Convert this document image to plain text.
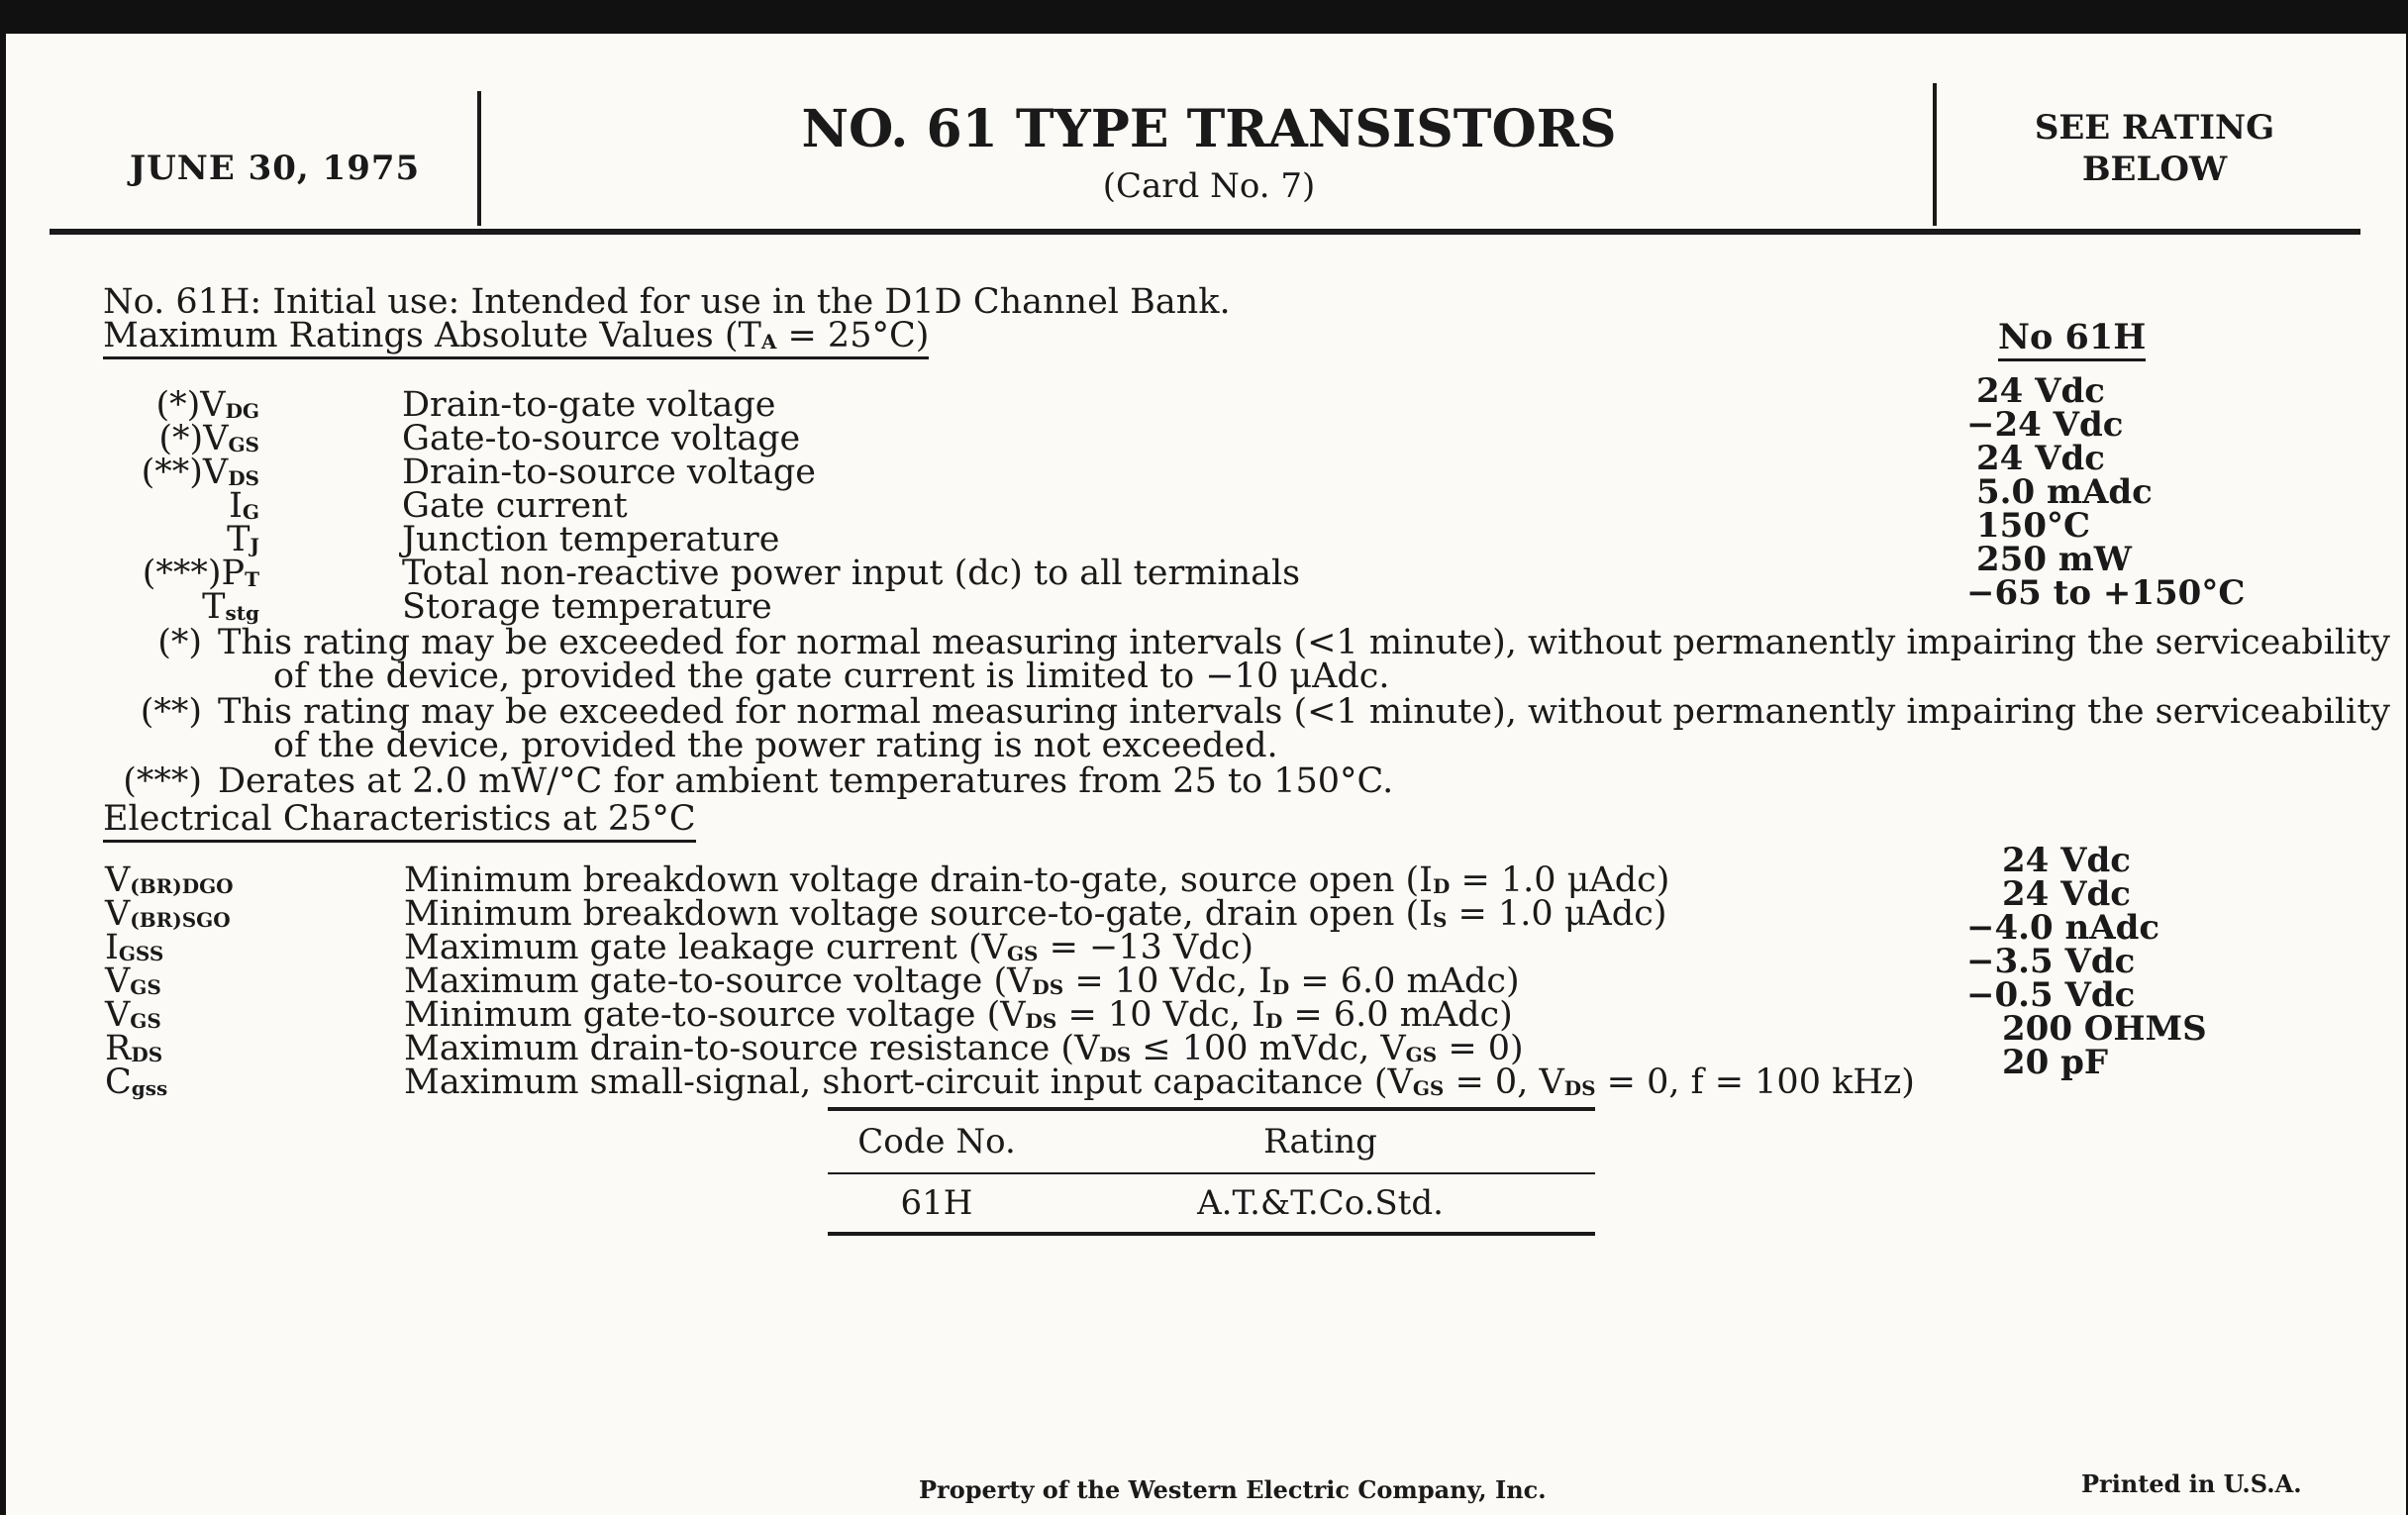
JUNE 30, 1975
NO. 61 TYPE TRANSISTORS
(Card No. 7)
SEE RATING
BELOW
No. 61H: Initial use: Intended for use in the D1D Channel Bank.
Maximum Ratings Absolute Values $(T_A = 25^\circ C)$	No 61H
$(*)V_{DG}$	Drain-to-gate voltage	24 Vdc
$(*)V_{GS}$	Gate-to-source voltage	−24 Vdc
$(**)V_{DS}$	Drain-to-source voltage	24 Vdc
$I_G$	Gate current	5.0 mAdc
$T_J$	Junction temperature	150°C
$(***)P_T$	Total non-reactive power input (dc) to all terminals	250 mW
$T_{stg}$	Storage temperature	−65 to +150°C
(*) This rating may be exceeded for normal measuring intervals (<1 minute), without permanently impairing the serviceability
of the device, provided the gate current is limited to −10 μAdc.
(**) This rating may be exceeded for normal measuring intervals (<1 minute), without permanently impairing the serviceability
of the device, provided the power rating is not exceeded.
(***) Derates at 2.0 mW/°C for ambient temperatures from 25 to 150°C.
Electrical Characteristics at 25°C
$V_{(BR)DGO}$	Minimum breakdown voltage drain-to-gate, source open ($I_D = 1.0$ μAdc)	24 Vdc
$V_{(BR)SGO}$	Minimum breakdown voltage source-to-gate, drain open ($I_S = 1.0$ μAdc)	24 Vdc
$I_{GSS}$	Maximum gate leakage current ($V_{GS} = -13$ Vdc)	−4.0 nAdc
$V_{GS}$	Maximum gate-to-source voltage ($V_{DS} = 10$ Vdc, $I_D = 6.0$ mAdc)	−3.5 Vdc
$V_{GS}$	Minimum gate-to-source voltage ($V_{DS} = 10$ Vdc, $I_D = 6.0$ mAdc)	−0.5 Vdc
$R_{DS}$	Maximum drain-to-source resistance ($V_{DS} \le 100$ mVdc, $V_{GS} = 0$)	200 OHMS
$C_{gss}$	Maximum small-signal, short-circuit input capacitance ($V_{GS} = 0$, $V_{DS} = 0$, f = 100 kHz)	20 pF
Code No.	Rating
61H	A.T.&T.Co.Std.
Property of the Western Electric Company, Inc.	Printed in U.S.A.
